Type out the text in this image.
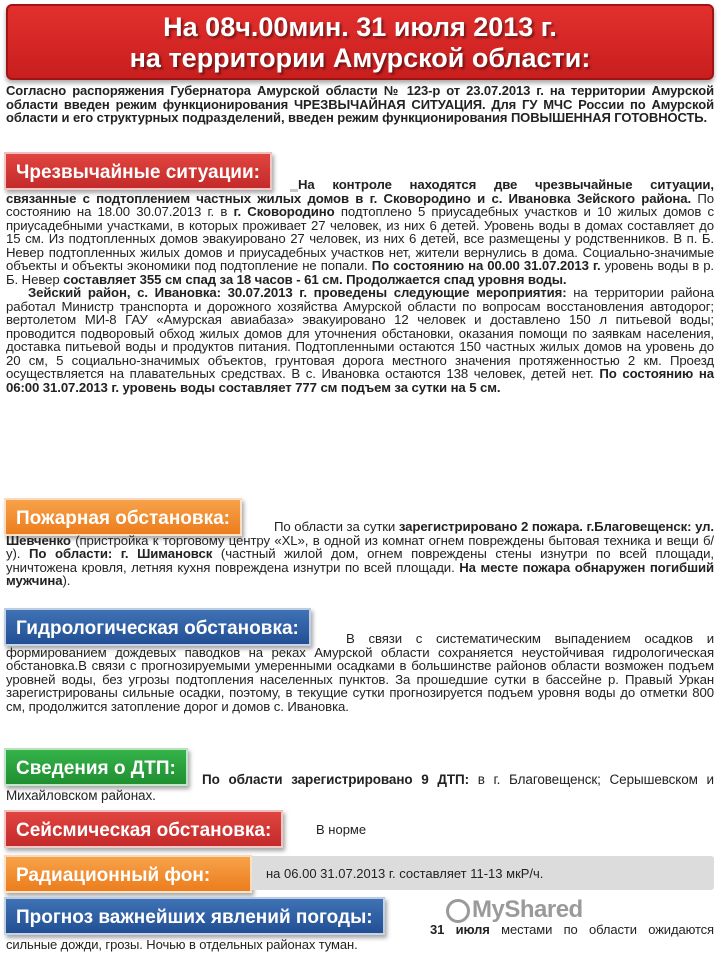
На 08ч.00мин. 31 июля 2013 г.
на территории Амурской области:
Согласно распоряжения Губернатора Амурской области № 123-р от 23.07.2013 г. на территории Амурской области введен режим функционирования ЧРЕЗВЫЧАЙНАЯ СИТУАЦИЯ. Для ГУ МЧС России по Амурской области и его структурных подразделений, введен режим функционирования ПОВЫШЕННАЯ ГОТОВНОСТЬ.
Чрезвычайные ситуации:
На контроле находятся две чрезвычайные ситуации, связанные с подтоплением частных жилых домов в г. Сковородино и с. Ивановка Зейского района. По состоянию на 18.00 30.07.2013 г. в г. Сковородино подтоплено 5 приусадебных участков и 10 жилых домов с приусадебными участками, в которых проживает 27 человек, из них 6 детей. Уровень воды в домах составляет до 15 см. Из подтопленных домов эвакуировано 27 человек, из них 6 детей, все размещены у родственников. В п. Б. Невер подтопленных жилых домов и приусадебных участков нет, жители вернулись в дома. Социально-значимые объекты и объекты экономики под подтопление не попали. По состоянию на 00.00 31.07.2013 г. уровень воды в р. Б. Невер составляет 355 см спад за 18 часов - 61 см. Продолжается спад уровня воды.
Зейский район, с. Ивановка: 30.07.2013 г. проведены следующие мероприятия: на территории района работал Министр транспорта и дорожного хозяйства Амурской области по вопросам восстановления автодорог; вертолетом МИ-8 ГАУ «Амурская авиабаза» эвакуировано 12 человек и доставлено 150 л питьевой воды; проводится подворовый обход жилых домов для уточнения обстановки, оказания помощи по заявкам населения, доставка питьевой воды и продуктов питания. Подтопленными остаются 150 частных жилых домов на уровень до 20 см, 5 социально-значимых объектов, грунтовая дорога местного значения протяженностью 2 км. Проезд осуществляется на плавательных средствах. В с. Ивановка остаются 138 человек, детей нет. По состоянию на 06:00 31.07.2013 г. уровень воды составляет 777 см подъем за сутки на 5 см.
Пожарная обстановка:	По области за сутки зарегистрировано 2 пожара. г.Благовещенск: ул. Шевченко (пристройка к торговому центру «XL», в одной из комнат огнем повреждены бытовая техника и вещи б/у). По области: г. Шимановск (частный жилой дом, огнем повреждены стены изнутри по всей площади, уничтожена кровля, летняя кухня повреждена изнутри по всей площади. На месте пожара обнаружен погибший мужчина).
Гидрологическая обстановка:	В связи с систематическим выпадением осадков и формированием дождевых паводков на реках Амурской области сохраняется неустойчивая гидрологическая обстановка.В связи с прогнозируемыми умеренными осадками в большинстве районов области возможен подъем уровней воды, без угрозы подтопления населенных пунктов. За прошедшие сутки в бассейне р. Правый Уркан зарегистрированы сильные осадки, поэтому, в текущие сутки прогнозируется подъем уровня воды до отметки 800 см, продолжится затопление дорог и домов с. Ивановка.
Сведения о ДТП:
По области зарегистрировано 9 ДТП: в г. Благовещенск; Серышевском и Михайловском районах.
Сейсмическая обстановка:	В норме
Радиационный фон:	на 06.00 31.07.2013 г. составляет 11-13 мкР/ч.
Прогноз важнейших явлений погоды:
31 июля местами по области ожидаются сильные дожди, грозы. Ночью в отдельных районах туман.
MyShared
